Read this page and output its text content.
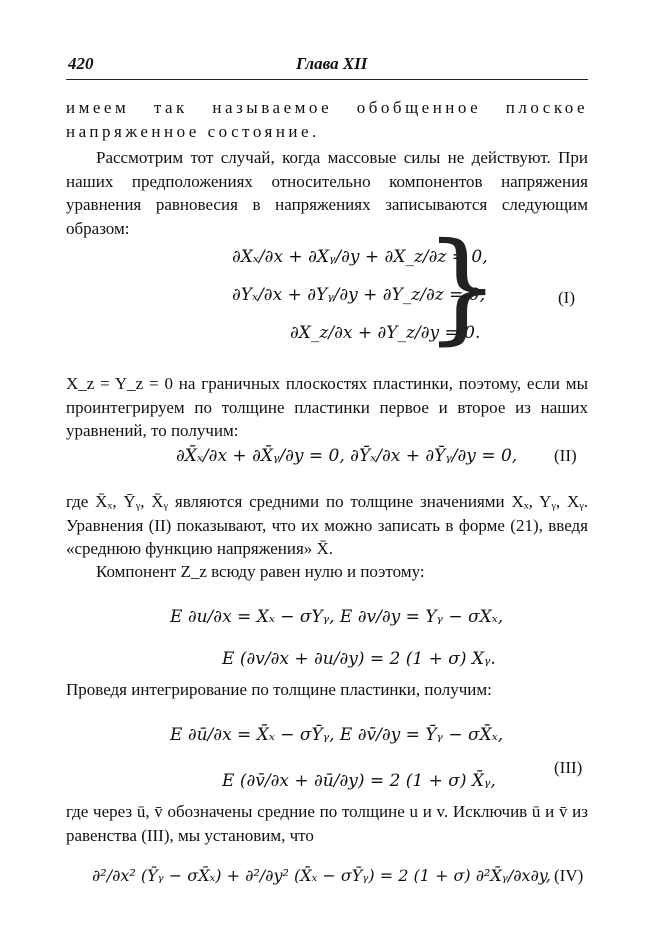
420	Глава XII

имеем так называемое обобщенное плоское напряженное состояние.

Рассмотрим тот случай, когда массовые силы не действуют. При наших предположениях относительно компонентов напряжения уравнения равновесия в напряжениях записываются следующим образом:

∂Xₓ/∂x + ∂Xᵧ/∂y + ∂X_z/∂z = 0,
∂Yₓ/∂x + ∂Yᵧ/∂y + ∂Y_z/∂z = 0,
∂X_z/∂x + ∂Y_z/∂y = 0.
}	(I)

X_z = Y_z = 0 на граничных плоскостях пластинки, поэтому, если мы проинтегрируем по толщине пластинки первое и второе из наших уравнений, то получим:

∂X̄ₓ/∂x + ∂X̄ᵧ/∂y = 0, ∂Ȳₓ/∂x + ∂Ȳᵧ/∂y = 0, (II)

где X̄ₓ, Ȳᵧ, X̄ᵧ являются средними по толщине значениями Xₓ, Yᵧ, Xᵧ. Уравнения (II) показывают, что их можно записать в форме (21), введя «среднюю функцию напряжения» X̄.

Компонент Z_z всюду равен нулю и поэтому:

E ∂u/∂x = Xₓ − σYᵧ, E ∂v/∂y = Yᵧ − σXₓ,
E (∂v/∂x + ∂u/∂y) = 2 (1 + σ) Xᵧ.

Проведя интегрирование по толщине пластинки, получим:

E ∂ū/∂x = X̄ₓ − σȲᵧ, E ∂v̄/∂y = Ȳᵧ − σX̄ₓ,
E (∂v̄/∂x + ∂ū/∂y) = 2 (1 + σ) X̄ᵧ,
(III)

где через ū, v̄ обозначены средние по толщине u и v. Исключив ū и v̄ из равенства (III), мы установим, что

∂²/∂x² (Ȳᵧ − σX̄ₓ) + ∂²/∂y² (X̄ₓ − σȲᵧ) = 2 (1 + σ) ∂²X̄ᵧ/∂x∂y, (IV)
